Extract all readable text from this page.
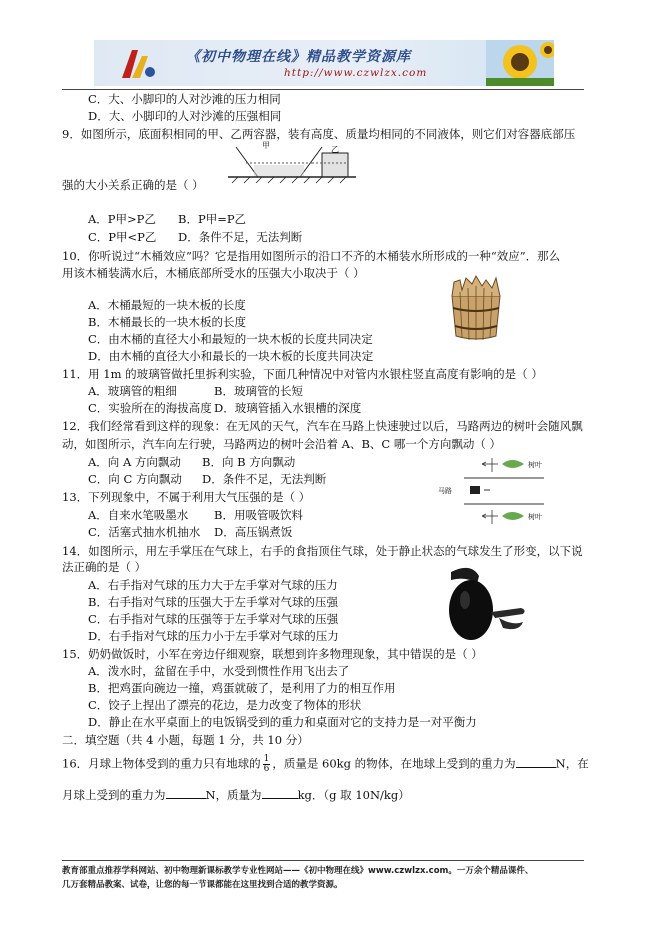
《初中物理在线》精品教学资源库
http://www.czwlzx.com
C．大、小脚印的人对沙滩的压力相同
D．大、小脚印的人对沙滩的压强相同
9．如图所示，底面积相同的甲、乙两容器，装有高度、质量均相同的不同液体，则它们对容器底部压
甲	乙
强的大小关系正确的是（ ）
A．P甲>P乙 B．P甲=P乙
C．P甲<P乙 D．条件不足，无法判断
10．你听说过“木桶效应”吗？它是指用如图所示的沿口不齐的木桶装水所形成的一种“效应”．那么
用该木桶装满水后，木桶底部所受水的压强大小取决于（ ）
A．木桶最短的一块木板的长度
B．木桶最长的一块木板的长度
C．由木桶的直径大小和最短的一块木板的长度共同决定
D．由木桶的直径大小和最长的一块木板的长度共同决定
11．用 1m 的玻璃管做托里拆利实验，下面几种情况中对管内水银柱竖直高度有影响的是（ ）
A．玻璃管的粗细	B．玻璃管的长短
C．实验所在的海拔高度 D．玻璃管插入水银槽的深度
12．我们经常看到这样的现象：在无风的天气，汽车在马路上快速驶过以后，马路两边的树叶会随风飘
动，如图所示，汽车向左行驶，马路两边的树叶会沿着 A、B、C 哪一个方向飘动（ ）
A．向 A 方向飘动 B．向 B 方向飘动
C．向 C 方向飘动 D．条件不足，无法判断
树叶
树叶
马路
13．下列现象中，不属于利用大气压强的是（ ）
A．自来水笔吸墨水 B．用吸管吸饮料
C．活塞式抽水机抽水 D．高压锅煮饭
14．如图所示，用左手掌压在气球上，右手的食指顶住气球，处于静止状态的气球发生了形变，以下说
法正确的是（ ）
A．右手指对气球的压力大于左手掌对气球的压力
B．右手指对气球的压强大于左手掌对气球的压强
C．右手指对气球的压强等于左手掌对气球的压强
D．右手指对气球的压力小于左手掌对气球的压力
15．奶奶做饭时，小军在旁边仔细观察，联想到许多物理现象，其中错误的是（ ）
A．泼水时，盆留在手中，水受到惯性作用飞出去了
B．把鸡蛋向碗边一撞，鸡蛋就破了，是利用了力的相互作用
C．饺子上捏出了漂亮的花边，是力改变了物体的形状
D．静止在水平桌面上的电饭锅受到的重力和桌面对它的支持力是一对平衡力
二．填空题（共 4 小题，每题 1 分，共 10 分）
16．月球上物体受到的重力只有地球的 $\frac{1}{6}$ ，质量是 60kg 的物体，在地球上受到的重力为	N，在
月球上受到的重力为	N，质量为	kg．（g 取 10N/kg）
教育部重点推荐学科网站、初中物理新课标教学专业性网站——《初中物理在线》www.czwlzx.com。一万余个精品课件、
几万套精品教案、试卷，让您的每一节课都能在这里找到合适的教学资源。
